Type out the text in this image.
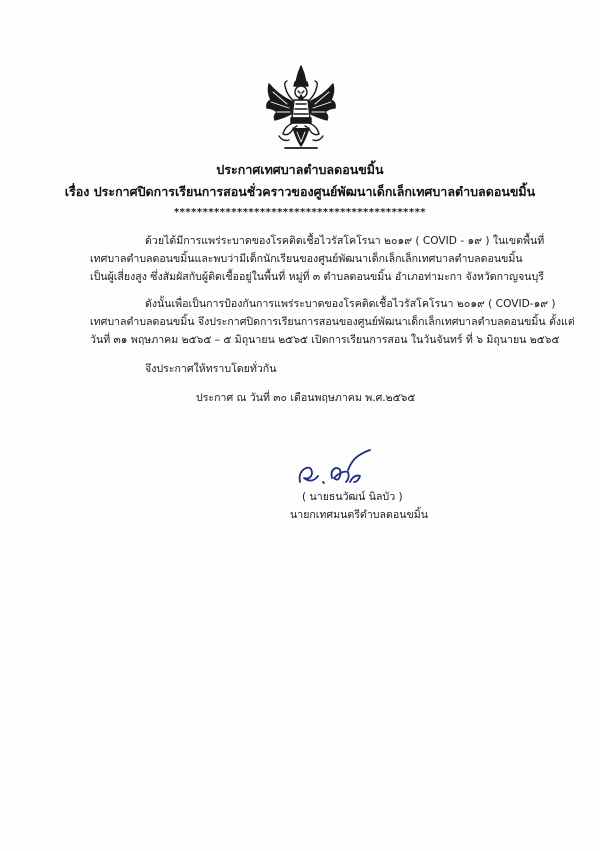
ประกาศเทศบาลตำบลดอนขมิ้น
เรื่อง ประกาศปิดการเรียนการสอนชั่วคราวของศูนย์พัฒนาเด็กเล็กเทศบาลตำบลดอนขมิ้น
********************************************
ด้วยได้มีการแพร่ระบาดของโรคติดเชื้อไวรัสโคโรนา ๒๐๑๙ ( COVID - ๑๙ ) ในเขตพื้นที่
เทศบาลตำบลดอนขมิ้นและพบว่ามีเด็กนักเรียนของศูนย์พัฒนาเด็กเล็กเล็กเทศบาลตำบลดอนขมิ้น
เป็นผู้เสี่ยงสูง ซึ่งสัมผัสกับผู้ติดเชื้ออยู่ในพื้นที่ หมู่ที่ ๓ ตำบลดอนขมิ้น อำเภอท่ามะกา จังหวัดกาญจนบุรี
ดังนั้นเพื่อเป็นการป้องกันการแพร่ระบาดของโรคติดเชื้อไวรัสโคโรนา ๒๐๑๙ ( COVID-๑๙ )
เทศบาลตำบลดอนขมิ้น จึงประกาศปิดการเรียนการสอนของศูนย์พัฒนาเด็กเล็กเทศบาลตำบลดอนขมิ้น ตั้งแต่
วันที่ ๓๑ พฤษภาคม ๒๕๖๕ – ๕ มิถุนายน ๒๕๖๕ เปิดการเรียนการสอน ในวันจันทร์ ที่ ๖ มิถุนายน ๒๕๖๕
จึงประกาศให้ทราบโดยทั่วกัน
ประกาศ ณ วันที่ ๓๐ เดือนพฤษภาคม พ.ศ.๒๕๖๕
( นายธนวัฒน์ นิลบัว )
นายกเทศมนตรีตำบลดอนขมิ้น
